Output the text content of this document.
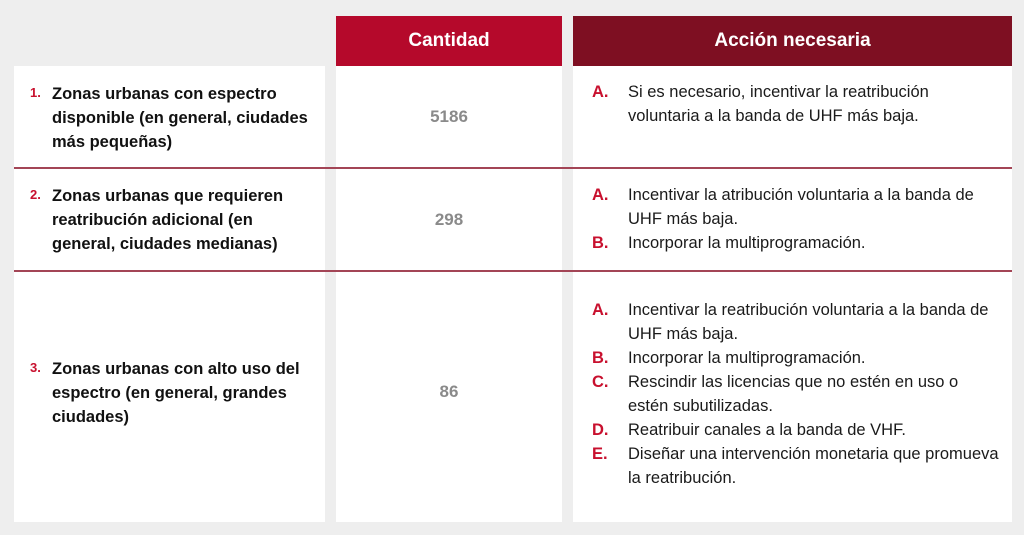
Cantidad	Acción necesaria
1. Zonas urbanas con espectro disponible (en general, ciudades más pequeñas)
5186
A.	Si es necesario, incentivar la reatribución voluntaria a la banda de UHF más baja.
2. Zonas urbanas que requieren reatribución adicional (en general, ciudades medianas)
298
A.	Incentivar la atribución voluntaria a la banda de UHF más baja.
B.	Incorporar la multiprogramación.
3. Zonas urbanas con alto uso del espectro (en general, grandes ciudades)
86
A.	Incentivar la reatribución voluntaria a la banda de UHF más baja.
B.	Incorporar la multiprogramación.
C.	Rescindir las licencias que no estén en uso o estén subutilizadas.
D.	Reatribuir canales a la banda de VHF.
E.	Diseñar una intervención monetaria que promueva la reatribución.
